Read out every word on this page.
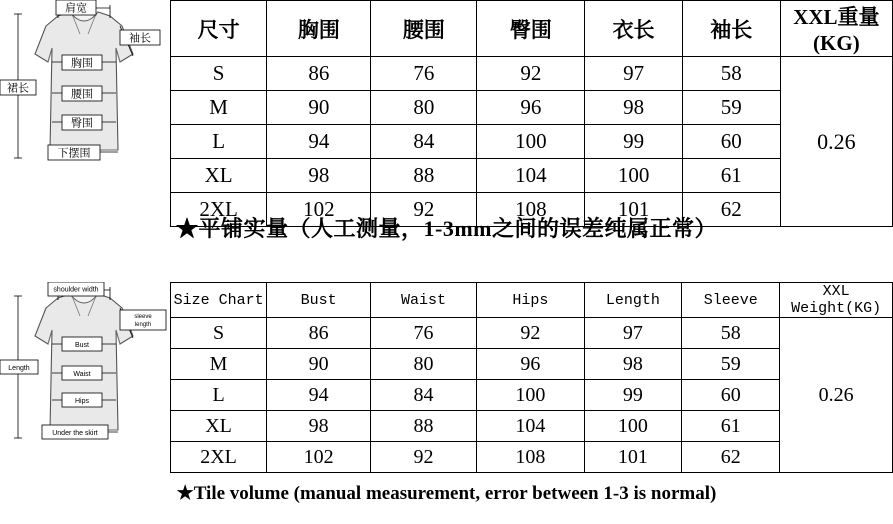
肩宽
袖长
胸围
腰围
臀围
裙长
下摆围
尺寸	胸围	腰围	臀围	衣长	袖长	XXL重量(KG)
S	86	76	92	97	58	0.26
M	90	80	96	98	59	
L	94	84	100	99	60	
XL	98	88	104	100	61	
2XL	102	92	108	101	62	
★平铺实量（人工测量，1-3mm之间的误差纯属正常）
shoulder width
sleeve
length
Bust
Waist
Hips
Length
Under the skirt
Size Chart	Bust	Waist	Hips	Length	Sleeve	XXL Weight(KG)
S	86	76	92	97	58	0.26
M	90	80	96	98	59	
L	94	84	100	99	60	
XL	98	88	104	100	61	
2XL	102	92	108	101	62	
★Tile volume (manual measurement, error between 1-3 is normal)
